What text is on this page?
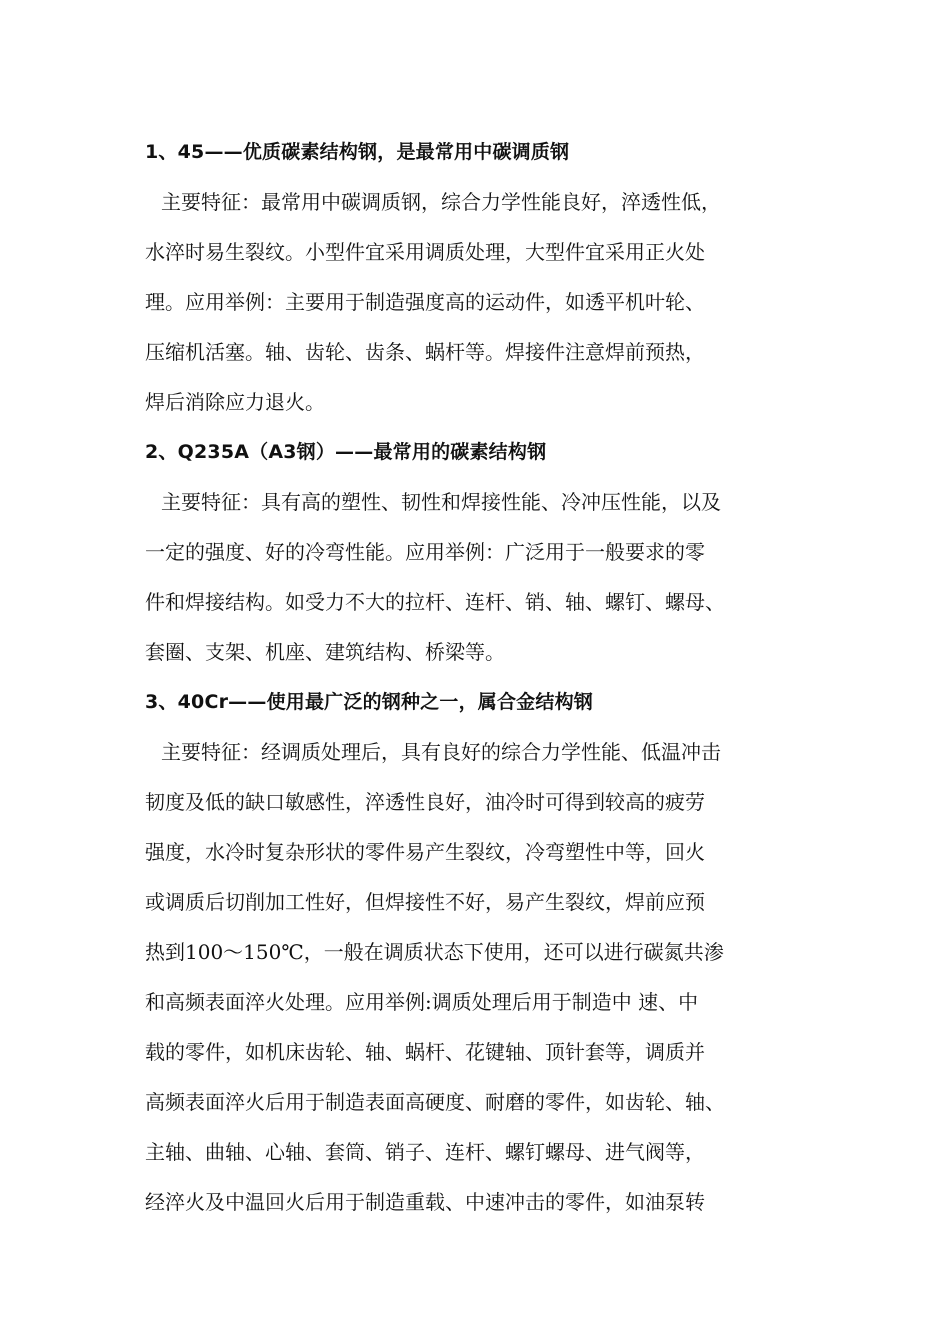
1、45——优质碳素结构钢，是最常用中碳调质钢
主要特征：最常用中碳调质钢，综合力学性能良好，淬透性低，
水淬时易生裂纹。小型件宜采用调质处理，大型件宜采用正火处
理。应用举例：主要用于制造强度高的运动件，如透平机叶轮、
压缩机活塞。轴、齿轮、齿条、蜗杆等。焊接件注意焊前预热，
焊后消除应力退火。
2、Q235A（A3钢）——最常用的碳素结构钢
主要特征：具有高的塑性、韧性和焊接性能、冷冲压性能，以及
一定的强度、好的冷弯性能。应用举例：广泛用于一般要求的零
件和焊接结构。如受力不大的拉杆、连杆、销、轴、螺钉、螺母、
套圈、支架、机座、建筑结构、桥梁等。
3、40Cr——使用最广泛的钢种之一，属合金结构钢
主要特征：经调质处理后，具有良好的综合力学性能、低温冲击
韧度及低的缺口敏感性，淬透性良好，油冷时可得到较高的疲劳
强度，水冷时复杂形状的零件易产生裂纹，冷弯塑性中等，回火
或调质后切削加工性好，但焊接性不好，易产生裂纹，焊前应预
热到100～150℃，一般在调质状态下使用，还可以进行碳氮共渗
和高频表面淬火处理。应用举例:调质处理后用于制造中 速、中
载的零件，如机床齿轮、轴、蜗杆、花键轴、顶针套等，调质并
高频表面淬火后用于制造表面高硬度、耐磨的零件，如齿轮、轴、
主轴、曲轴、心轴、套筒、销子、连杆、螺钉螺母、进气阀等，
经淬火及中温回火后用于制造重载、中速冲击的零件，如油泵转
